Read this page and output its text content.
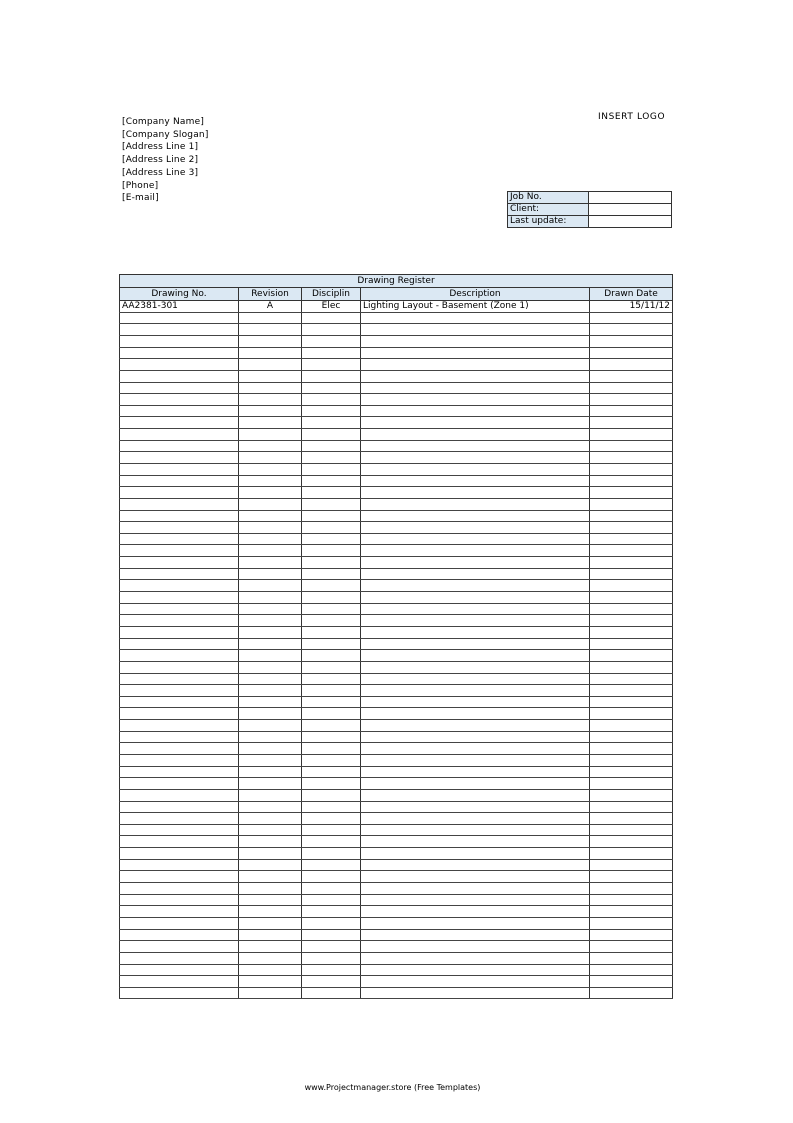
[Company Name]
[Company Slogan]
[Address Line 1]
[Address Line 2]
[Address Line 3]
[Phone]
[E-mail]
INSERT LOGO
Job No.	
Client:	
Last update:	
Drawing Register				
Drawing No.	Revision	Disciplin	Description	Drawn Date
AA2381-301	A	Elec	Lighting Layout - Basement (Zone 1)	15/11/12

www.Projectmanager.store (Free Templates)
